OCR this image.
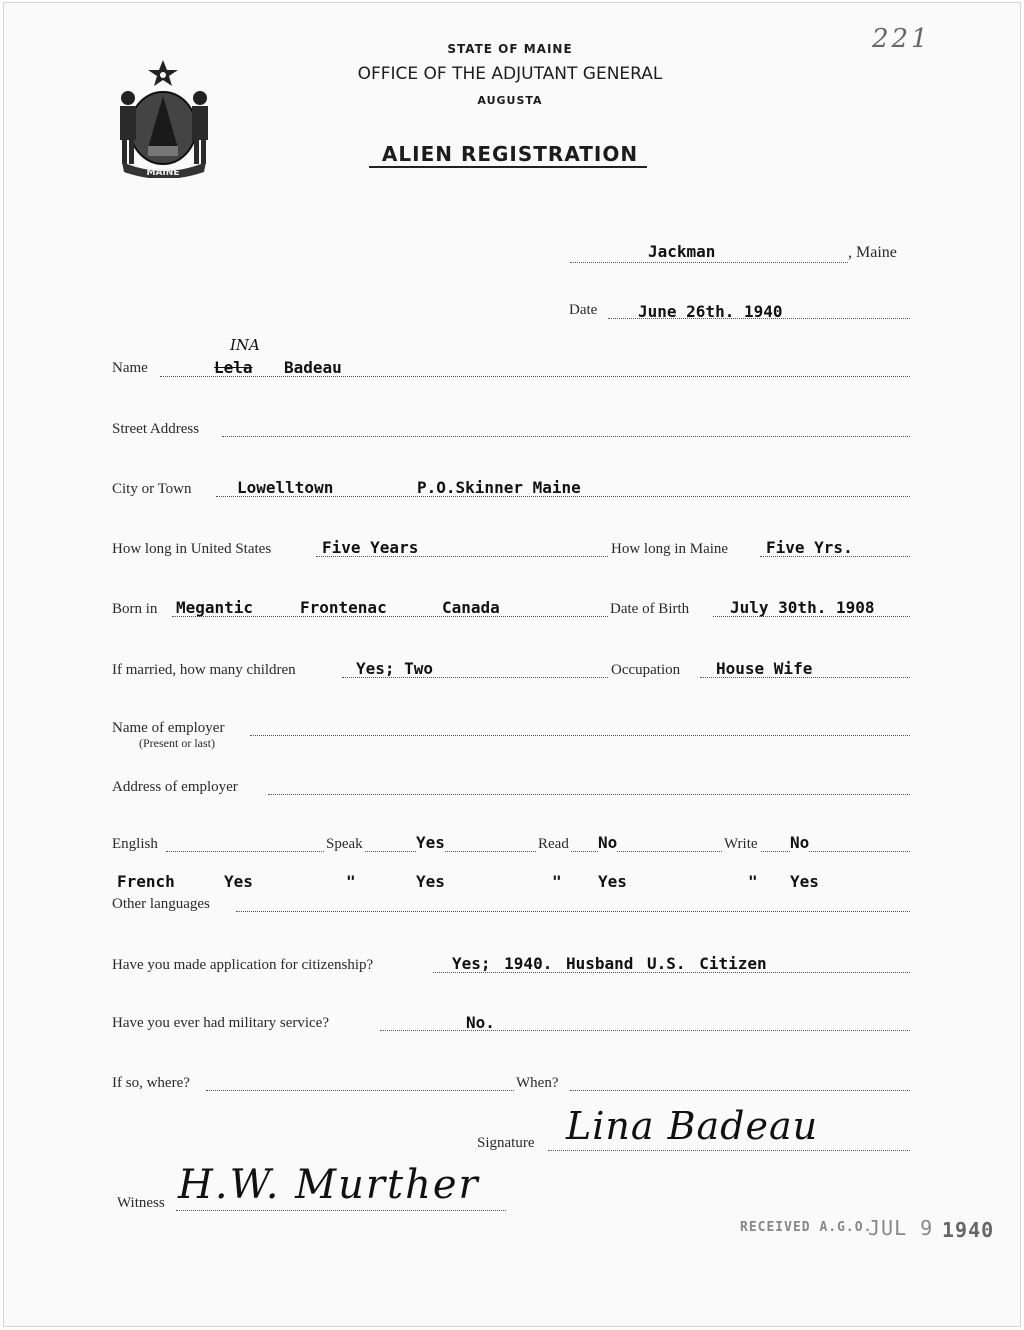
MAINE
STATE OF MAINE
OFFICE OF THE ADJUTANT GENERAL
AUGUSTA
ALIEN REGISTRATION
221
Jackman	, Maine
Date	June 26th. 1940
Name	Lela
INA
Badeau
Street Address
City or Town	Lowelltown	P.O.Skinner Maine
How long in United States	Five Years	How long in Maine Five Yrs.
Born in Megantic	Frontenac	Canada	Date of Birth	July 30th. 1908
If married, how many children	Yes; Two	Occupation House Wife
Name of employer
(Present or last)
Address of employer
English	Speak	Yes	Read No	Write No
French	Yes	"	Yes	" Yes	" Yes
Other languages
Have you made application for citizenship?	Yes; 1940. Husband U.S. Citizen
Have you ever had military service?	No.
If so, where?	When?
Signature Lina Badeau
Witness H.W. Murther
RECEIVED A.G.O.
JUL 9 1940
